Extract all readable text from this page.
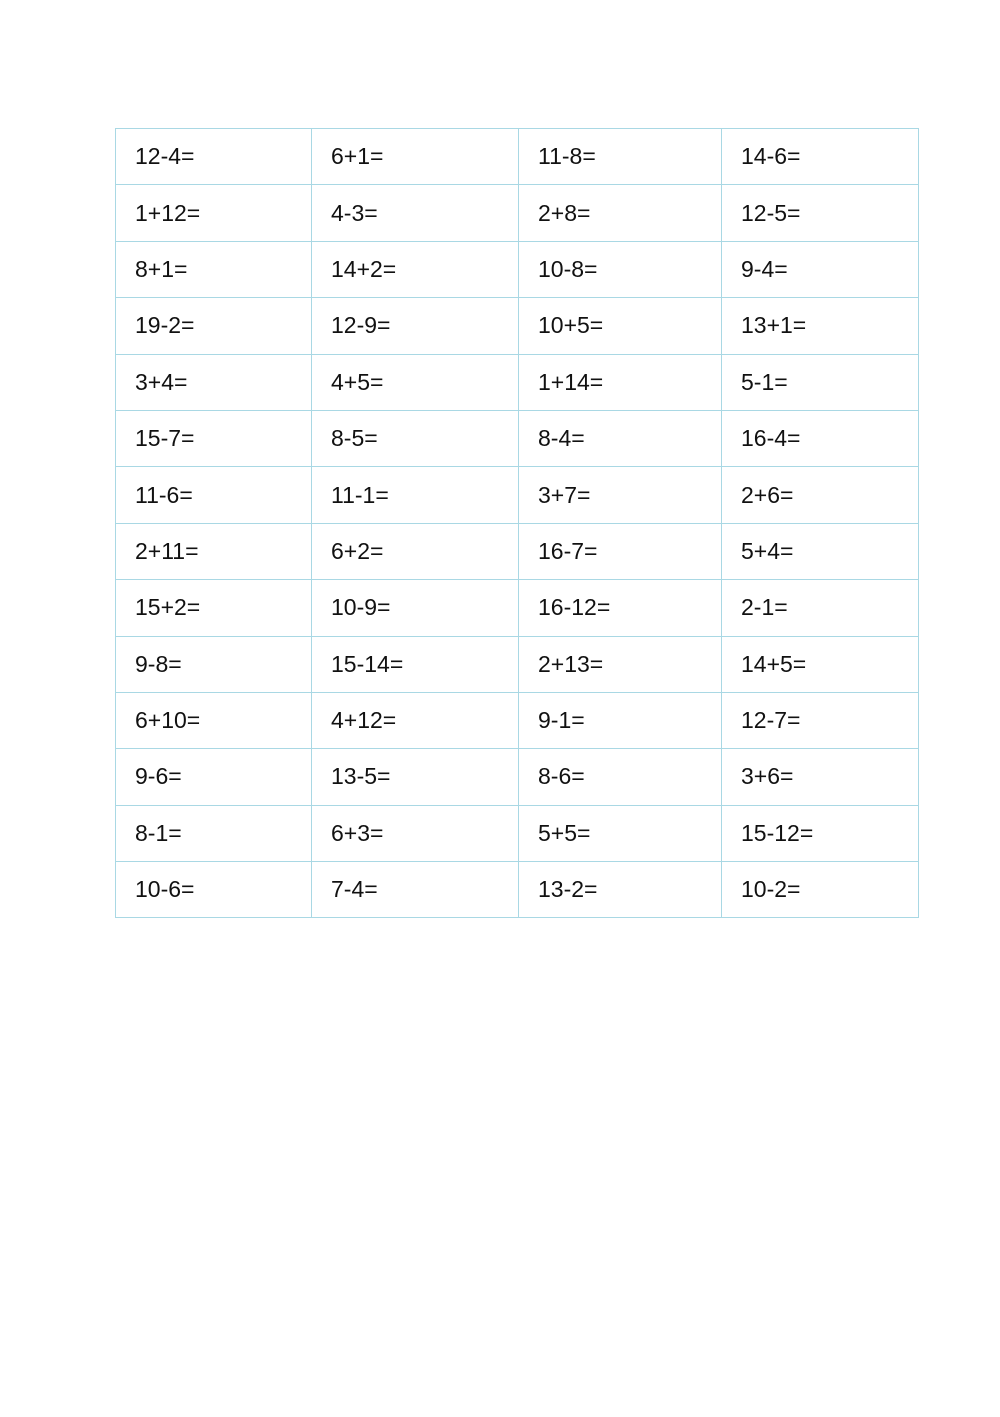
12-4=	6+1=	11-8=	14-6=
1+12=	4-3=	2+8=	12-5=
8+1=	14+2=	10-8=	9-4=
19-2=	12-9=	10+5=	13+1=
3+4=	4+5=	1+14=	5-1=
15-7=	8-5=	8-4=	16-4=
11-6=	11-1=	3+7=	2+6=
2+11=	6+2=	16-7=	5+4=
15+2=	10-9=	16-12=	2-1=
9-8=	15-14=	2+13=	14+5=
6+10=	4+12=	9-1=	12-7=
9-6=	13-5=	8-6=	3+6=
8-1=	6+3=	5+5=	15-12=
10-6=	7-4=	13-2=	10-2=
